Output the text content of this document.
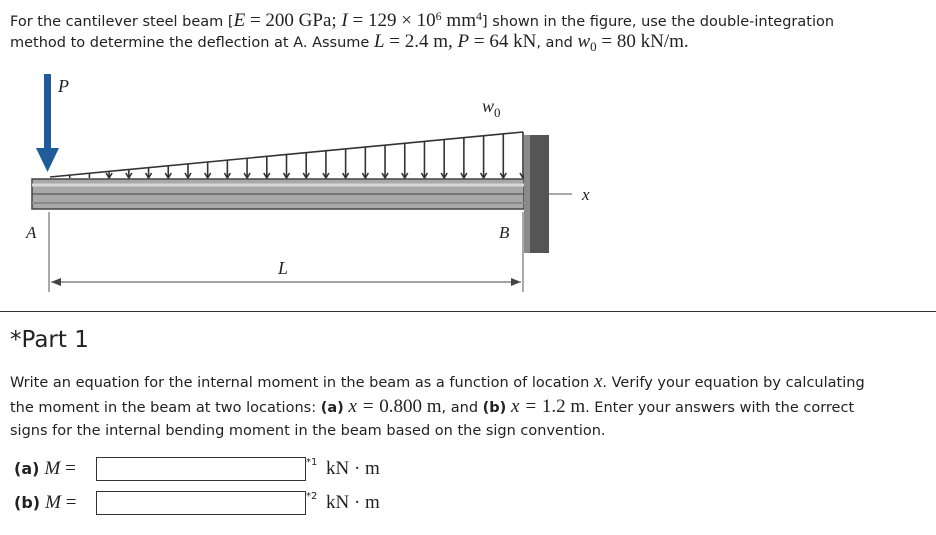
For the cantilever steel beam [E = 200 GPa; $I = 129 \times 10^6$ $mm^4$] shown in the figure, use the double-integration
method to determine the deflection at A. Assume L = 2.4 m, P = 64 kN, and $w_0 = 80$ kN/m.
P
$w_0$
x
A	B
L
*Part 1
Write an equation for the internal moment in the beam as a function of location x. Verify your equation by calculating
the moment in the beam at two locations: (a) x = 0.800 m, and (b) x = 1.2 m. Enter your answers with the correct
signs for the internal bending moment in the beam based on the sign convention.
(a) M =	*1 kN · m
(b) M =	*2 kN · m
